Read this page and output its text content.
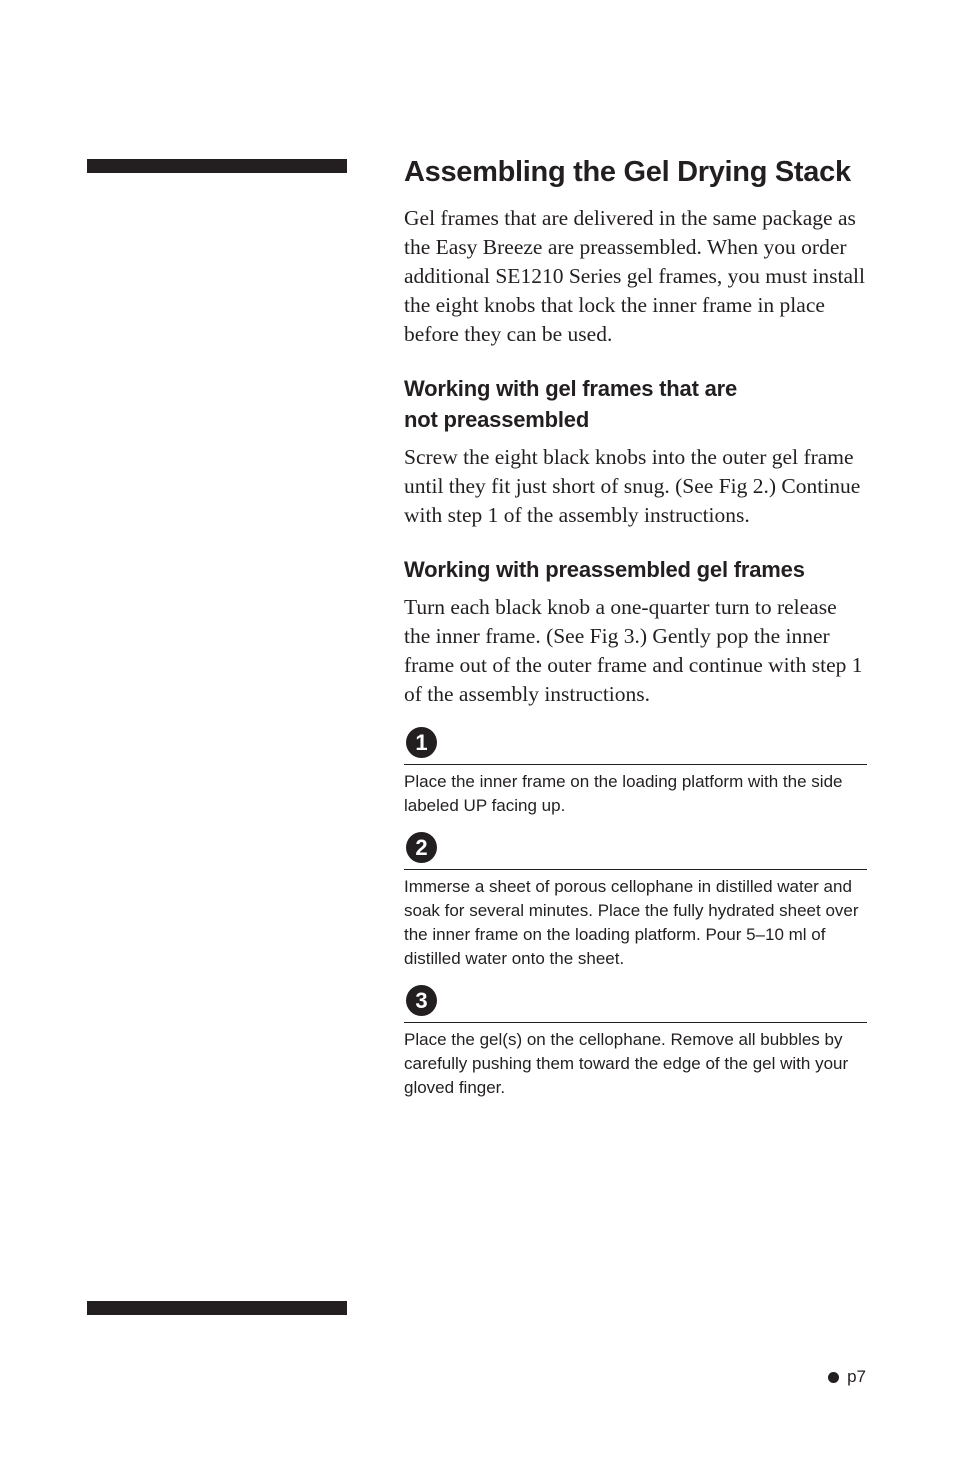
Assembling the Gel Drying Stack

Gel frames that are delivered in the same package as the Easy Breeze are preassembled. When you order additional SE1210 Series gel frames, you must install the eight knobs that lock the inner frame in place before they can be used.

Working with gel frames that are
not preassembled

Screw the eight black knobs into the outer gel frame until they fit just short of snug. (See Fig 2.) Continue with step 1 of the assembly instructions.

Working with preassembled gel frames

Turn each black knob a one-quarter turn to release the inner frame. (See Fig 3.) Gently pop the inner frame out of the outer frame and continue with step 1 of the assembly instructions.

1
Place the inner frame on the loading platform with the side labeled UP facing up.
2
Immerse a sheet of porous cellophane in distilled water and soak for several minutes. Place the fully hydrated sheet over the inner frame on the loading platform. Pour 5–10 ml of distilled water onto the sheet.
3
Place the gel(s) on the cellophane. Remove all bubbles by carefully pushing them toward the edge of the gel with your gloved finger.
p7
